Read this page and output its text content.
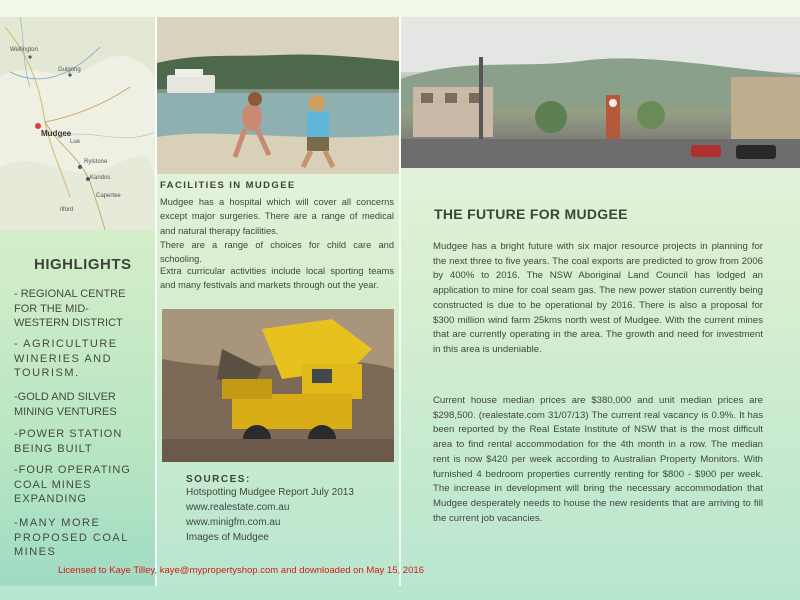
Mudgee
Wellington
Gulgong
Lue
Rylstone
Kandos
Capertee
Ilford
HIGHLIGHTS
- REGIONAL CENTRE FOR THE MID-WESTERN DISTRICT
- AGRICULTURE WINERIES AND TOURISM.
-GOLD AND SILVER MINING VENTURES
-POWER STATION BEING BUILT
-FOUR OPERATING COAL MINES EXPANDING
-MANY MORE PROPOSED COAL MINES
FACILITIES IN MUDGEE
Mudgee has a hospital which will cover all concerns except major surgeries. There are a range of medical and natural therapy facilities.
There are a range of choices for child care and schooling.
Extra curricular activities include local sporting teams and many festivals and markets through out the year.
SOURCES:
Hotspotting Mudgee Report July 2013
www.realestate.com.au
www.minigfm.com.au
Images of Mudgee
THE FUTURE FOR MUDGEE
Mudgee has a bright future with six major resource projects in planning for the next three to five years. The coal exports are predicted to grow from 2006 by 400% to 2016. The NSW Aboriginal Land Council has lodged an application to mine for coal seam gas. The new power station currently being constructed is due to be operational by 2016. There is also a proposal for $300 million wind farm 25kms north west of Mudgee. With the current mines that are currently operating in the area. The growth and need for investment in this area is undeniable.
Current house median prices are $380,000 and unit median prices are $298,500. (realestate.com 31/07/13) The current real vacancy is 0.9%. It has been reported by the Real Estate Institute of NSW that is the most difficult area to find rental accommodation for the 4th month in a row. The median rent is now $420 per week according to Australian Property Monitors. With furnished 4 bedroom properties currently renting for $800 - $900 per week. The increase in development will bring the necessary accommodation that Mudgee desperately needs to house the new residents that are arriving to fill the current job vacancies.
Licensed to Kaye Tilley, kaye@mypropertyshop.com and downloaded on May 15, 2016
